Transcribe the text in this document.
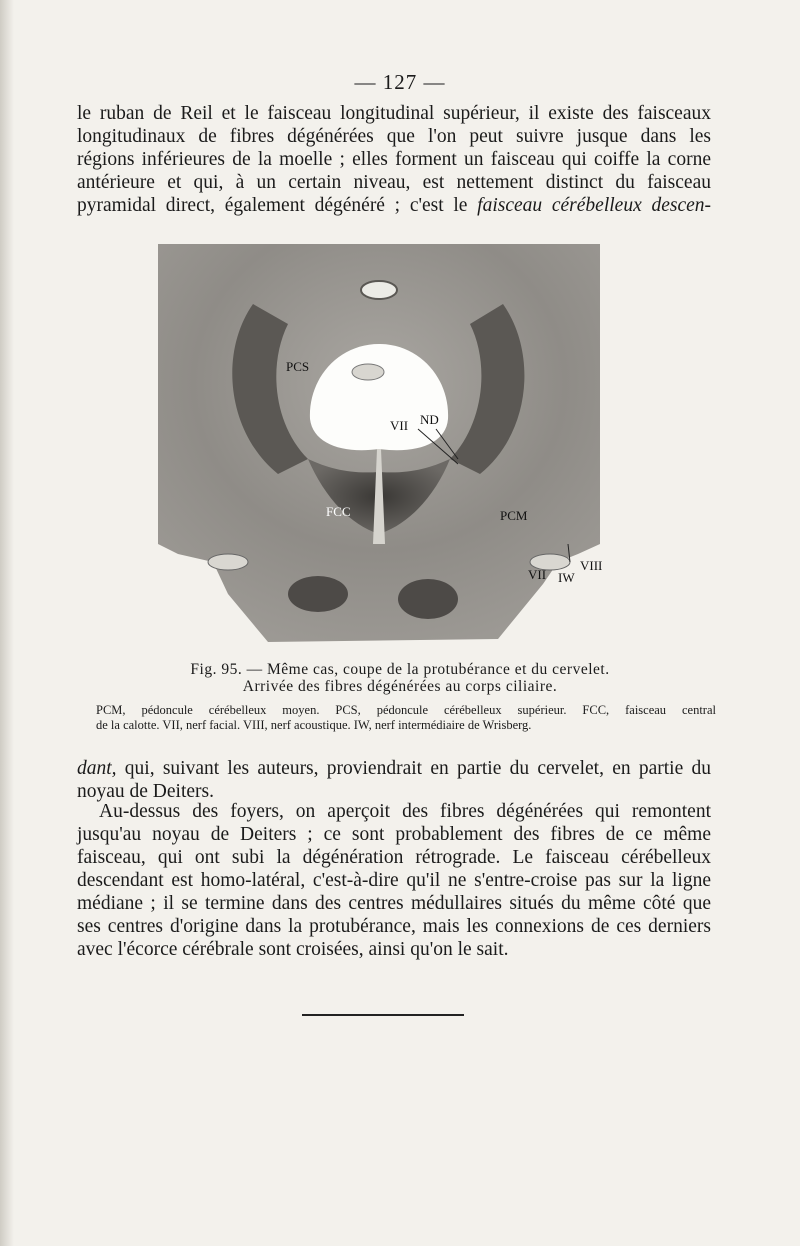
— 127 —

le ruban de Reil et le faisceau longitudinal supérieur, il existe des faisceaux
longitudinaux de fibres dégénérées que l'on peut suivre jusque dans les
régions inférieures de la moelle ; elles forment un faisceau qui coiffe la corne
antérieure et qui, à un certain niveau, est nettement distinct du faisceau
pyramidal direct, également dégénéré ; c'est le faisceau cérébelleux descen-

PCS
VII ND
FCC	PCM
VII
VIII
IW
Fig. 95. — Même cas, coupe de la protubérance et du cervelet.
Arrivée des fibres dégénérées au corps ciliaire.
PCM, pédoncule cérébelleux moyen. PCS, pédoncule cérébelleux supérieur. FCC, faisceau central
de la calotte. VII, nerf facial. VIII, nerf acoustique. IW, nerf intermédiaire de Wrisberg.

dant, qui, suivant les auteurs, proviendrait en partie du cervelet, en partie du
noyau de Deiters.

Au-dessus des foyers, on aperçoit des fibres dégénérées qui remontent
jusqu'au noyau de Deiters ; ce sont probablement des fibres de ce même
faisceau, qui ont subi la dégénération rétrograde. Le faisceau cérébelleux
descendant est homo-latéral, c'est-à-dire qu'il ne s'entre-croise pas sur la ligne
médiane ; il se termine dans des centres médullaires situés du même côté que
ses centres d'origine dans la protubérance, mais les connexions de ces derniers
avec l'écorce cérébrale sont croisées, ainsi qu'on le sait.
